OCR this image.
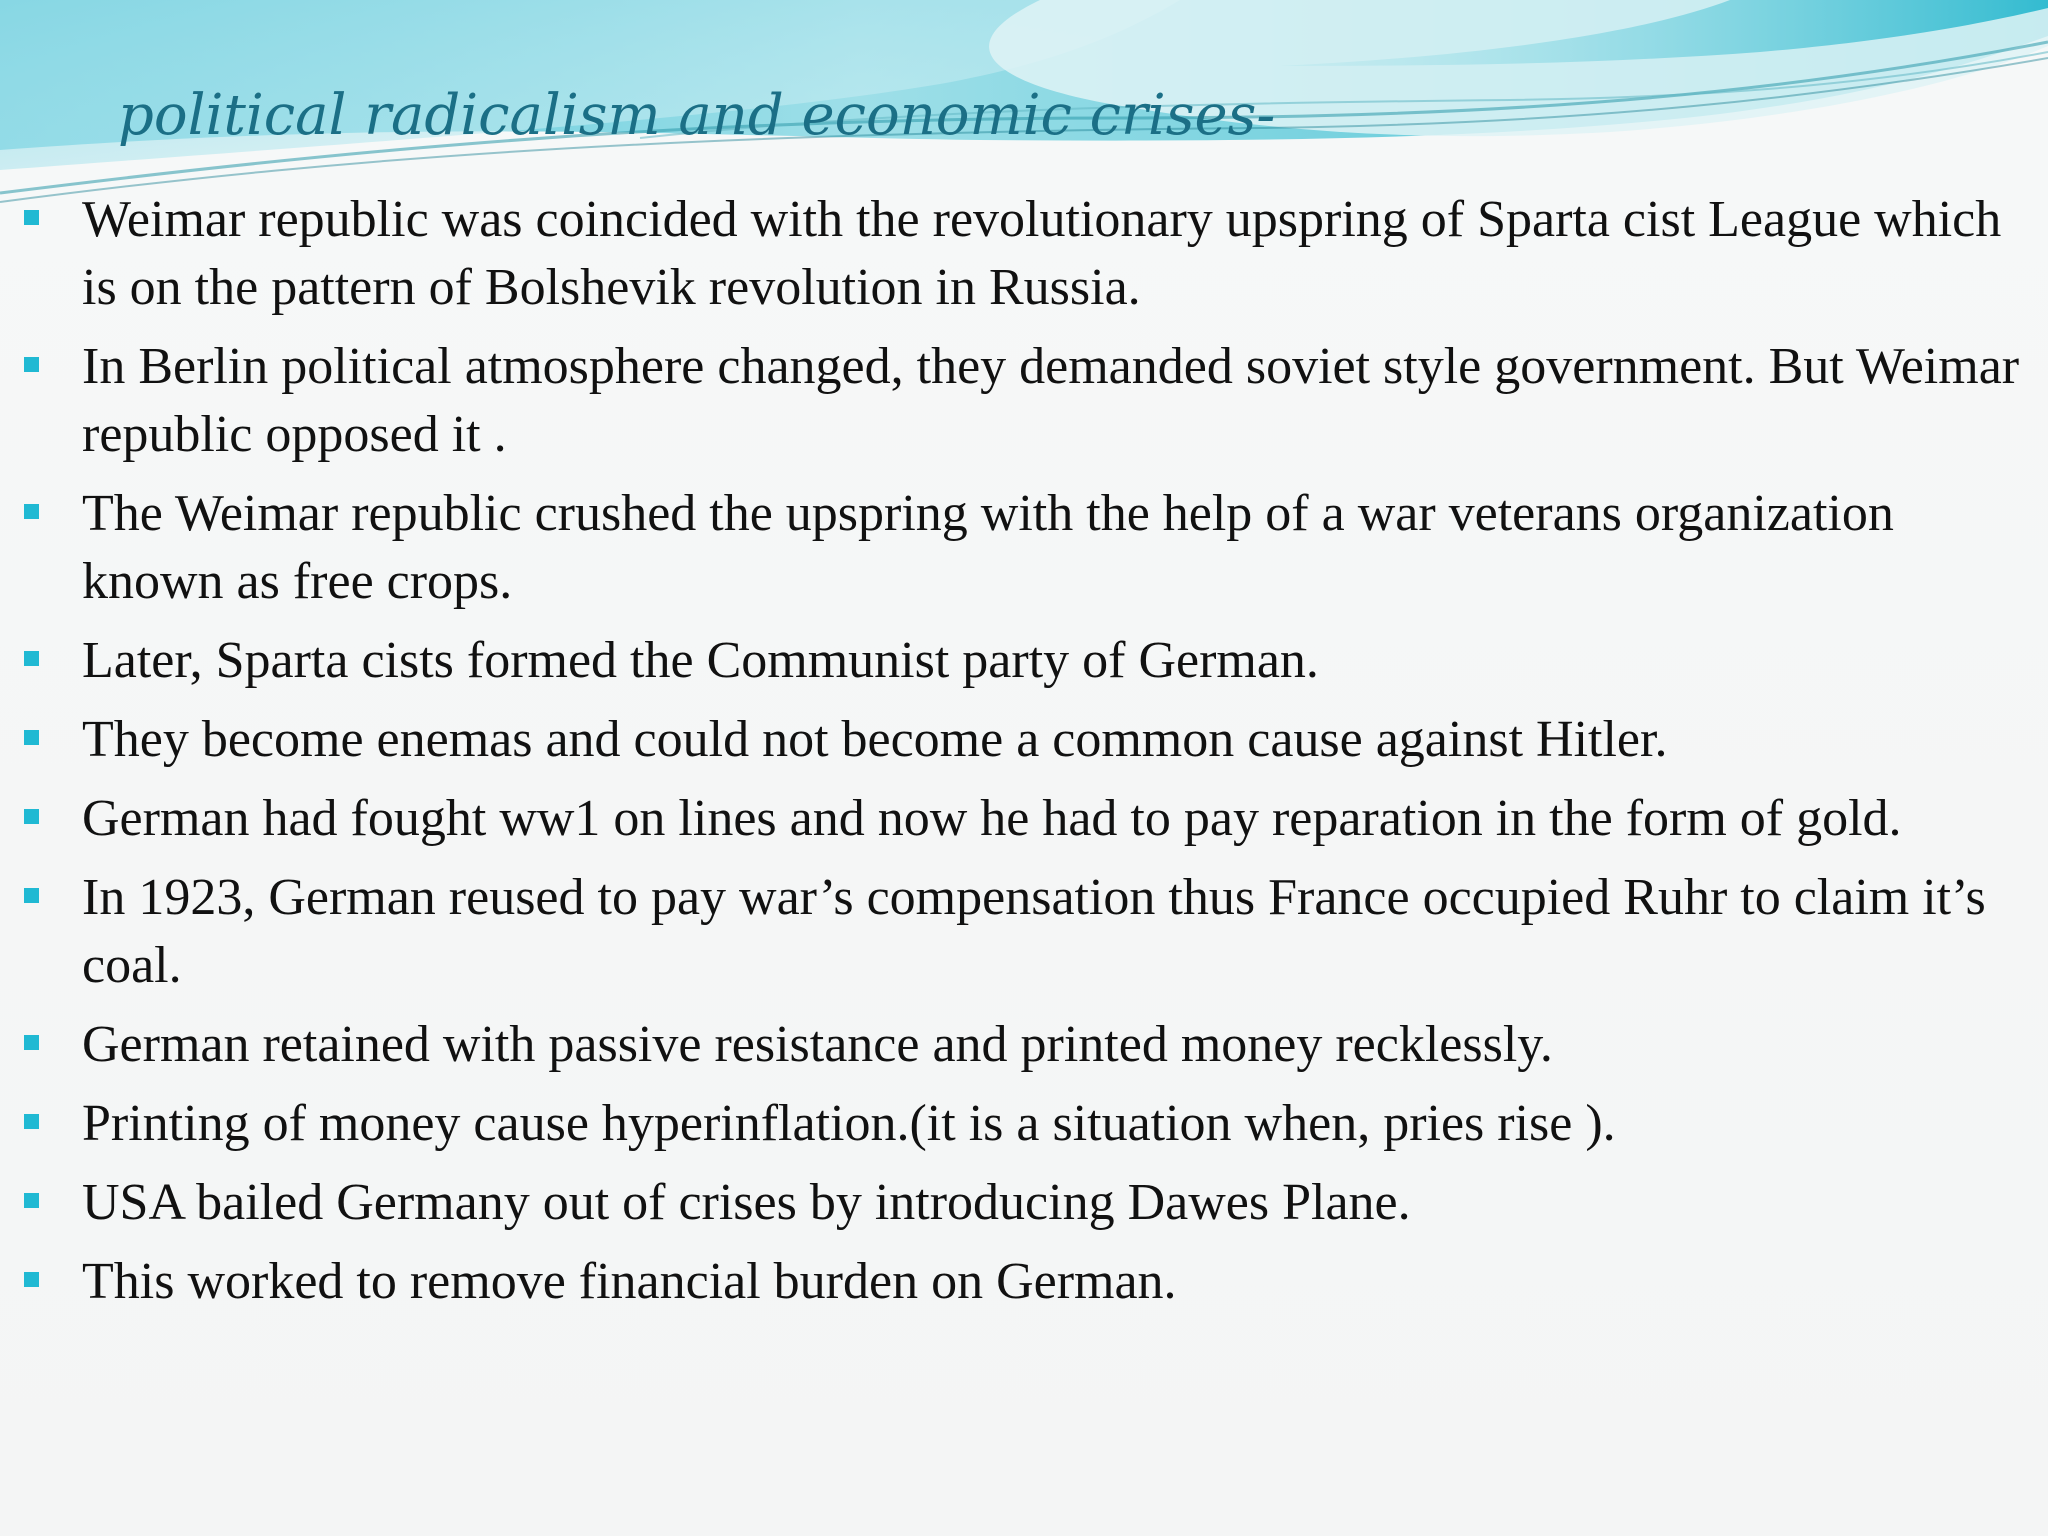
political radicalism and economic crises-
Weimar republic was coincided with the revolutionary upspring of Sparta cist League which is on the pattern of Bolshevik revolution in Russia.
In Berlin political atmosphere changed, they demanded soviet style government. But Weimar republic opposed it .
The Weimar republic crushed the upspring with the help of a war veterans organization known as free crops.
Later, Sparta cists formed the Communist party of German.
They become enemas and could not become a common cause against Hitler.
German had fought ww1 on lines and now he had to pay reparation in the form of gold.
In 1923, German reused to pay war’s compensation thus France occupied Ruhr to claim it’s coal.
German retained with passive resistance and printed money recklessly.
Printing of money cause hyperinflation.(it is a situation when, pries rise ).
USA bailed Germany out of crises by introducing Dawes Plane.
This worked to remove financial burden on German.
